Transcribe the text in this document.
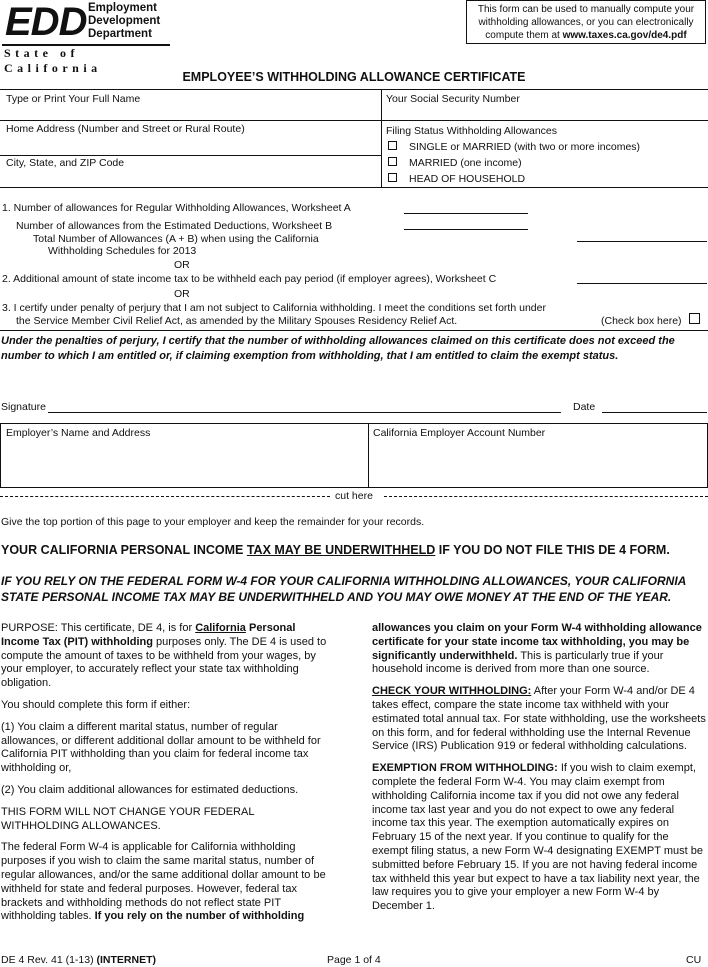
EDD Employment
Development
Department
State of California
This form can be used to manually compute your withholding allowances, or you can electronically compute them at www.taxes.ca.gov/de4.pdf
EMPLOYEE’S WITHHOLDING ALLOWANCE CERTIFICATE
Type or Print Your Full Name	Your Social Security Number
Home Address (Number and Street or Rural Route)	Filing Status Withholding Allowances
City, State, and ZIP Code
SINGLE or MARRIED (with two or more incomes)
MARRIED (one income)
HEAD OF HOUSEHOLD
1. Number of allowances for Regular Withholding Allowances, Worksheet A
Number of allowances from the Estimated Deductions, Worksheet B
Total Number of Allowances (A + B) when using the California
Withholding Schedules for 2013
OR
2. Additional amount of state income tax to be withheld each pay period (if employer agrees), Worksheet C
OR
3. I certify under penalty of perjury that I am not subject to California withholding. I meet the conditions set forth under
the Service Member Civil Relief Act, as amended by the Military Spouses Residency Relief Act.	(Check box here)
Under the penalties of perjury, I certify that the number of withholding allowances claimed on this certificate does not exceed the number to which I am entitled or, if claiming exemption from withholding, that I am entitled to claim the exempt status.
Signature	Date
Employer’s Name and Address	California Employer Account Number
cut here
Give the top portion of this page to your employer and keep the remainder for your records.
YOUR CALIFORNIA PERSONAL INCOME TAX MAY BE UNDERWITHHELD IF YOU DO NOT FILE THIS DE 4 FORM.
IF YOU RELY ON THE FEDERAL FORM W-4 FOR YOUR CALIFORNIA WITHHOLDING ALLOWANCES, YOUR CALIFORNIA STATE PERSONAL INCOME TAX MAY BE UNDERWITHHELD AND YOU MAY OWE MONEY AT THE END OF THE YEAR.

PURPOSE: This certificate, DE 4, is for California Personal Income Tax (PIT) withholding purposes only. The DE 4 is used to compute the amount of taxes to be withheld from your wages, by your employer, to accurately reflect your state tax withholding obligation.

You should complete this form if either:

(1) You claim a different marital status, number of regular allowances, or different additional dollar amount to be withheld for California PIT withholding than you claim for federal income tax withholding or,

(2) You claim additional allowances for estimated deductions.

THIS FORM WILL NOT CHANGE YOUR FEDERAL WITHHOLDING ALLOWANCES.

The federal Form W-4 is applicable for California withholding purposes if you wish to claim the same marital status, number of regular allowances, and/or the same additional dollar amount to be withheld for state and federal purposes. However, federal tax brackets and withholding methods do not reflect state PIT withholding tables. If you rely on the number of withholding

allowances you claim on your Form W-4 withholding allowance certificate for your state income tax withholding, you may be significantly underwithheld. This is particularly true if your household income is derived from more than one source.

CHECK YOUR WITHHOLDING: After your Form W-4 and/or DE 4 takes effect, compare the state income tax withheld with your estimated total annual tax. For state withholding, use the worksheets on this form, and for federal withholding use the Internal Revenue Service (IRS) Publication 919 or federal withholding calculations.

EXEMPTION FROM WITHHOLDING: If you wish to claim exempt, complete the federal Form W-4. You may claim exempt from withholding California income tax if you did not owe any federal income tax last year and you do not expect to owe any federal income tax this year. The exemption automatically expires on February 15 of the next year. If you continue to qualify for the exempt filing status, a new Form W-4 designating EXEMPT must be submitted before February 15. If you are not having federal income tax withheld this year but expect to have a tax liability next year, the law requires you to give your employer a new Form W-4 by December 1.

DE 4 Rev. 41 (1-13) (INTERNET)	Page 1 of 4	CU
